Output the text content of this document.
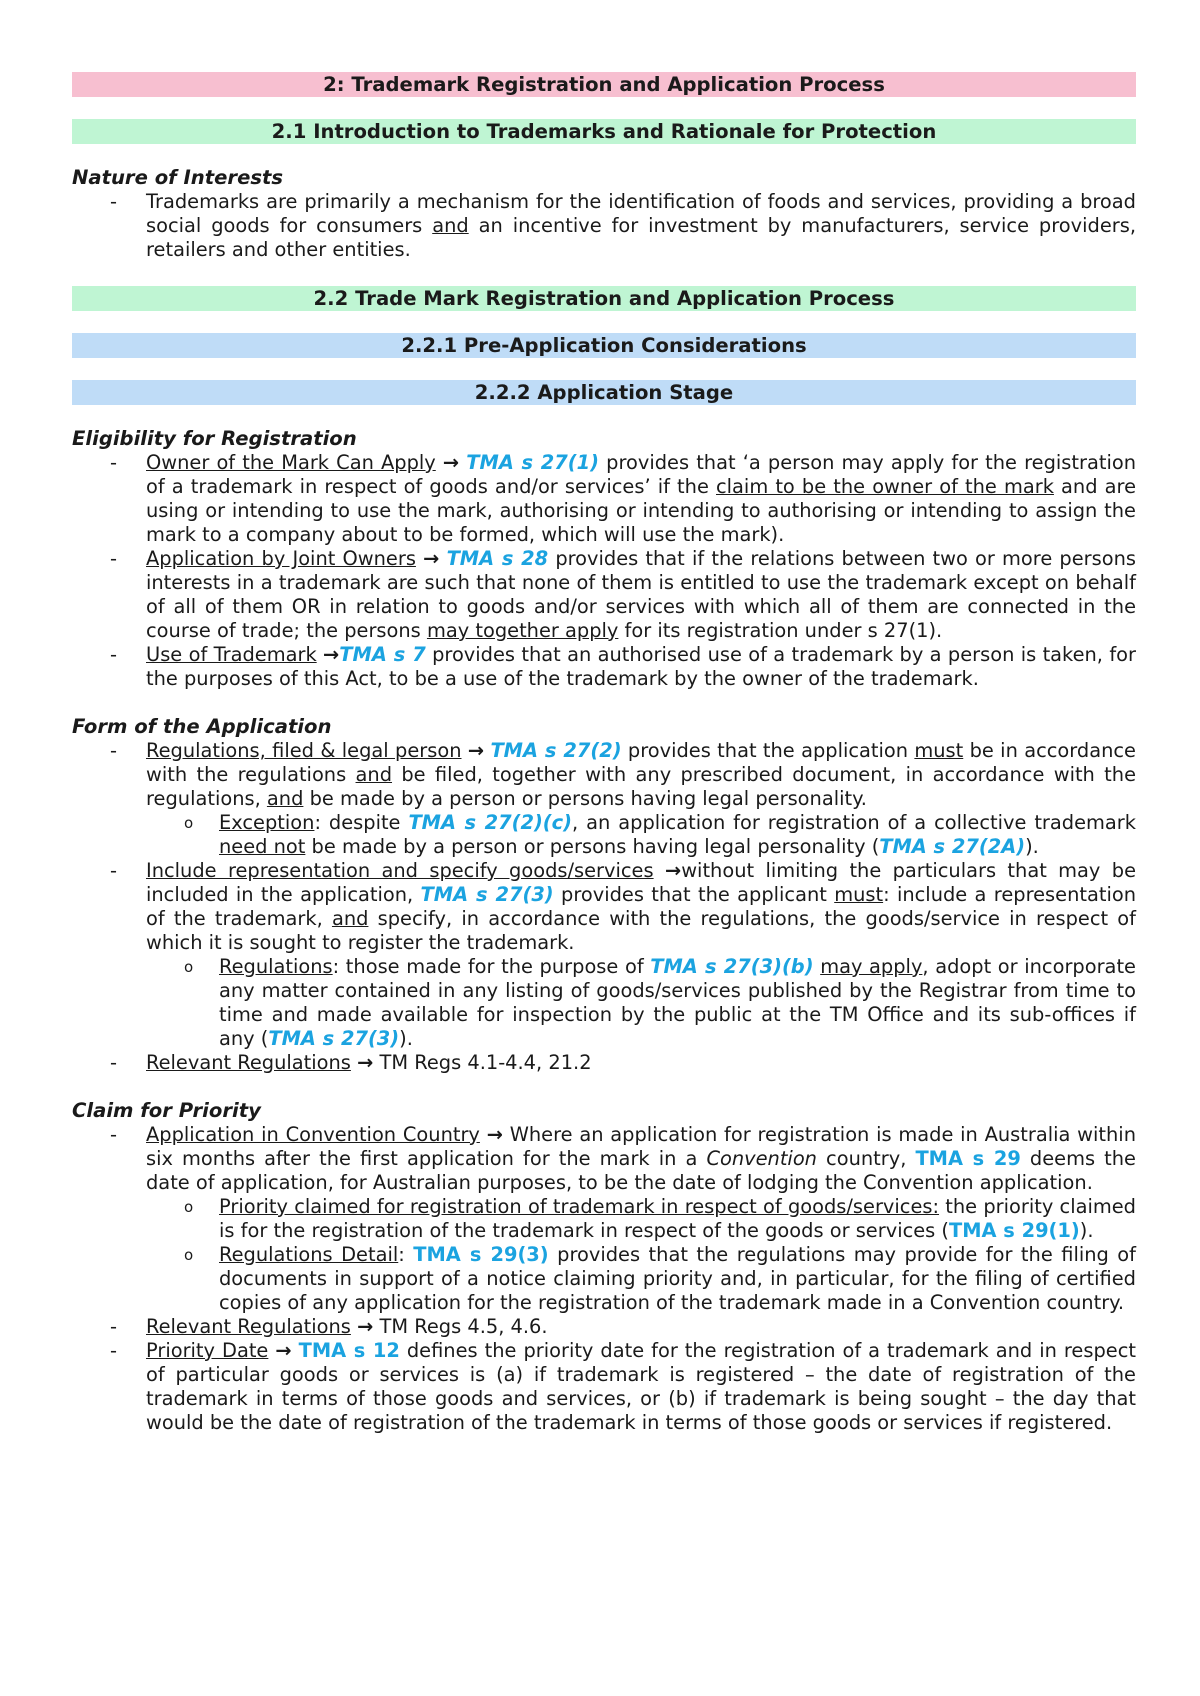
2: Trademark Registration and Application Process
2.1 Introduction to Trademarks and Rationale for Protection
Nature of Interests

- Trademarks are primarily a mechanism for the identification of foods and services, providing a broad social goods for consumers and an incentive for investment by manufacturers, service providers, retailers and other entities.

2.2 Trade Mark Registration and Application Process
2.2.1 Pre-Application Considerations
2.2.2 Application Stage
Eligibility for Registration

- Owner of the Mark Can Apply → TMA s 27(1) provides that ‘a person may apply for the registration of a trademark in respect of goods and/or services’ if the claim to be the owner of the mark and are using or intending to use the mark, authorising or intending to authorising or intending to assign the mark to a company about to be formed, which will use the mark).

- Application by Joint Owners → TMA s 28 provides that if the relations between two or more persons interests in a trademark are such that none of them is entitled to use the trademark except on behalf of all of them OR in relation to goods and/or services with which all of them are connected in the course of trade; the persons may together apply for its registration under s 27(1).

- Use of Trademark →TMA s 7 provides that an authorised use of a trademark by a person is taken, for the purposes of this Act, to be a use of the trademark by the owner of the trademark.

Form of the Application

- Regulations, filed & legal person → TMA s 27(2) provides that the application must be in accordance with the regulations and be filed, together with any prescribed document, in accordance with the regulations, and be made by a person or persons having legal personality.

o Exception: despite TMA s 27(2)(c), an application for registration of a collective trademark need not be made by a person or persons having legal personality (TMA s 27(2A)).

- Include representation and specify goods/services →without limiting the particulars that may be included in the application, TMA s 27(3) provides that the applicant must: include a representation of the trademark, and specify, in accordance with the regulations, the goods/service in respect of which it is sought to register the trademark.

o Regulations: those made for the purpose of TMA s 27(3)(b) may apply, adopt or incorporate any matter contained in any listing of goods/services published by the Registrar from time to time and made available for inspection by the public at the TM Office and its sub-offices if any (TMA s 27(3)).

- Relevant Regulations → TM Regs 4.1-4.4, 21.2

Claim for Priority

- Application in Convention Country → Where an application for registration is made in Australia within six months after the first application for the mark in a Convention country, TMA s 29 deems the date of application, for Australian purposes, to be the date of lodging the Convention application.

o Priority claimed for registration of trademark in respect of goods/services: the priority claimed is for the registration of the trademark in respect of the goods or services (TMA s 29(1)).

o Regulations Detail: TMA s 29(3) provides that the regulations may provide for the filing of documents in support of a notice claiming priority and, in particular, for the filing of certified copies of any application for the registration of the trademark made in a Convention country.

- Relevant Regulations → TM Regs 4.5, 4.6.

- Priority Date → TMA s 12 defines the priority date for the registration of a trademark and in respect of particular goods or services is (a) if trademark is registered – the date of registration of the trademark in terms of those goods and services, or (b) if trademark is being sought – the day that would be the date of registration of the trademark in terms of those goods or services if registered.
